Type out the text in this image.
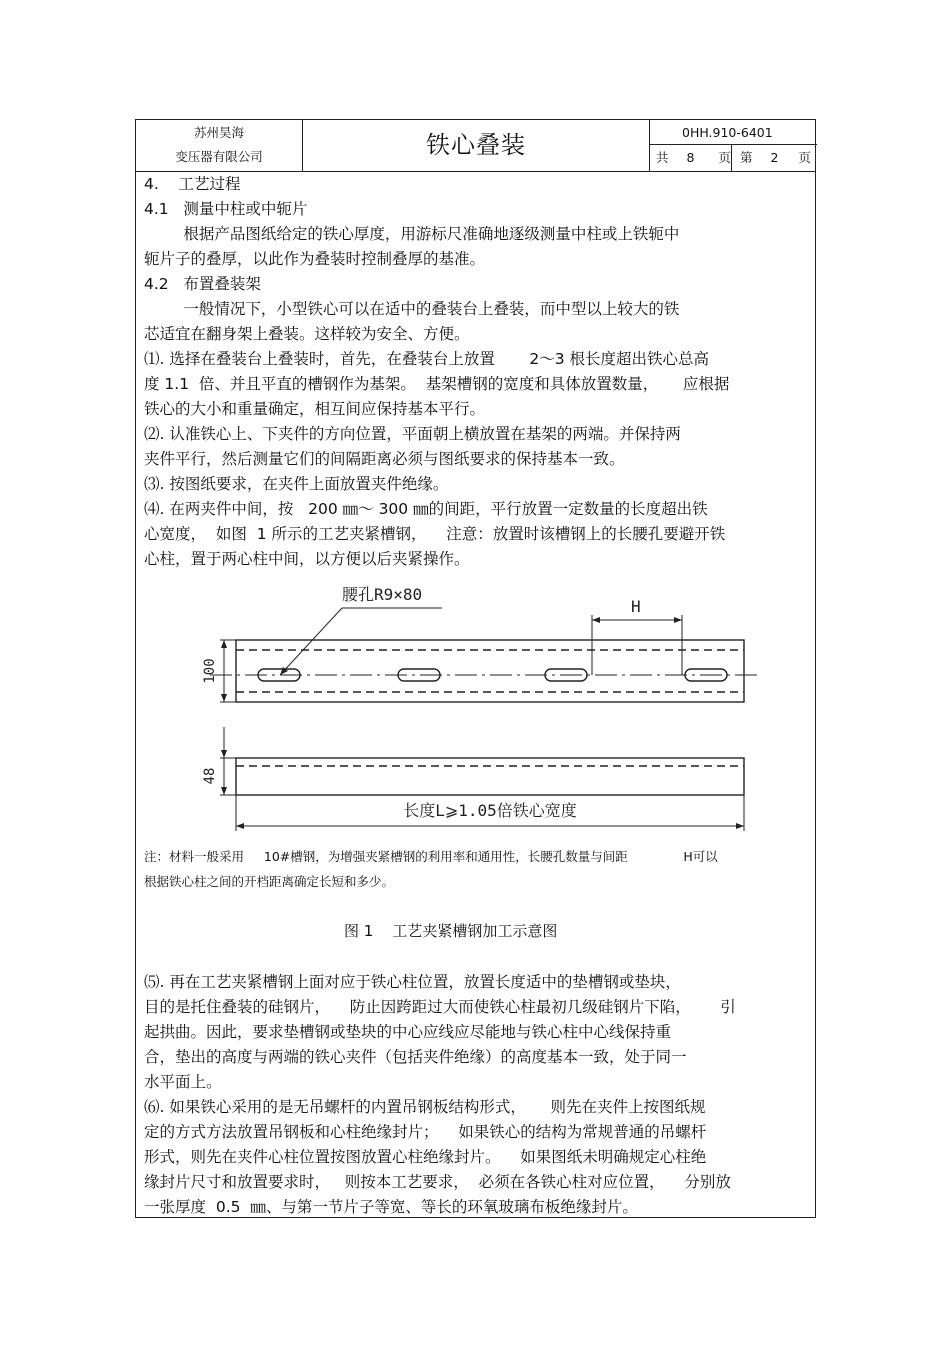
苏州昊海
变压器有限公司	铁心叠装	0HH.910-6401
共 8 页 第 2 页
4.    工艺过程
4.1   测量中柱或中轭片
根据产品图纸给定的铁心厚度，用游标尺准确地逐级测量中柱或上铁轭中
轭片子的叠厚，以此作为叠装时控制叠厚的基准。
4.2   布置叠装架
一般情况下，小型铁心可以在适中的叠装台上叠装，而中型以上较大的铁
芯适宜在翻身架上叠装。这样较为安全、方便。
⑴. 选择在叠装台上叠装时，首先，在叠装台上放置       2～3 根长度超出铁心总高
度 1.1  倍、并且平直的槽钢作为基架。  基架槽钢的宽度和具体放置数量，     应根据
铁心的大小和重量确定，相互间应保持基本平行。
⑵. 认准铁心上、下夹件的方向位置，平面朝上横放置在基架的两端。并保持两
夹件平行，然后测量它们的间隔距离必须与图纸要求的保持基本一致。
⑶. 按图纸要求，在夹件上面放置夹件绝缘。
⑷. 在两夹件中间，按   200 ㎜～ 300 ㎜的间距，平行放置一定数量的长度超出铁
心宽度，  如图  1 所示的工艺夹紧槽钢，    注意：放置时该槽钢上的长腰孔要避开铁
心柱，置于两心柱中间，以方便以后夹紧操作。
腰孔R9×80
H
100
48
长度L⩾1.05倍铁心宽度
注：材料一般采用     10#槽钢，为增强夹紧槽钢的利用率和通用性，长腰孔数量与间距              H可以
根据铁心柱之间的开档距离确定长短和多少。
图 1    工艺夹紧槽钢加工示意图
⑸. 再在工艺夹紧槽钢上面对应于铁心柱位置，放置长度适中的垫槽钢或垫块，
目的是托住叠装的硅钢片，    防止因跨距过大而使铁心柱最初几级硅钢片下陷，      引
起拱曲。因此，要求垫槽钢或垫块的中心应线应尽能地与铁心柱中心线保持重
合，垫出的高度与两端的铁心夹件（包括夹件绝缘）的高度基本一致，处于同一
水平面上。
⑹. 如果铁心采用的是无吊螺杆的内置吊钢板结构形式，     则先在夹件上按图纸规
定的方式方法放置吊钢板和心柱绝缘封片；    如果铁心的结构为常规普通的吊螺杆
形式，则先在夹件心柱位置按图放置心柱绝缘封片。    如果图纸未明确规定心柱绝
缘封片尺寸和放置要求时，   则按本工艺要求，  必须在各铁心柱对应位置，    分别放
一张厚度  0.5  ㎜、与第一节片子等宽、等长的环氧玻璃布板绝缘封片。
